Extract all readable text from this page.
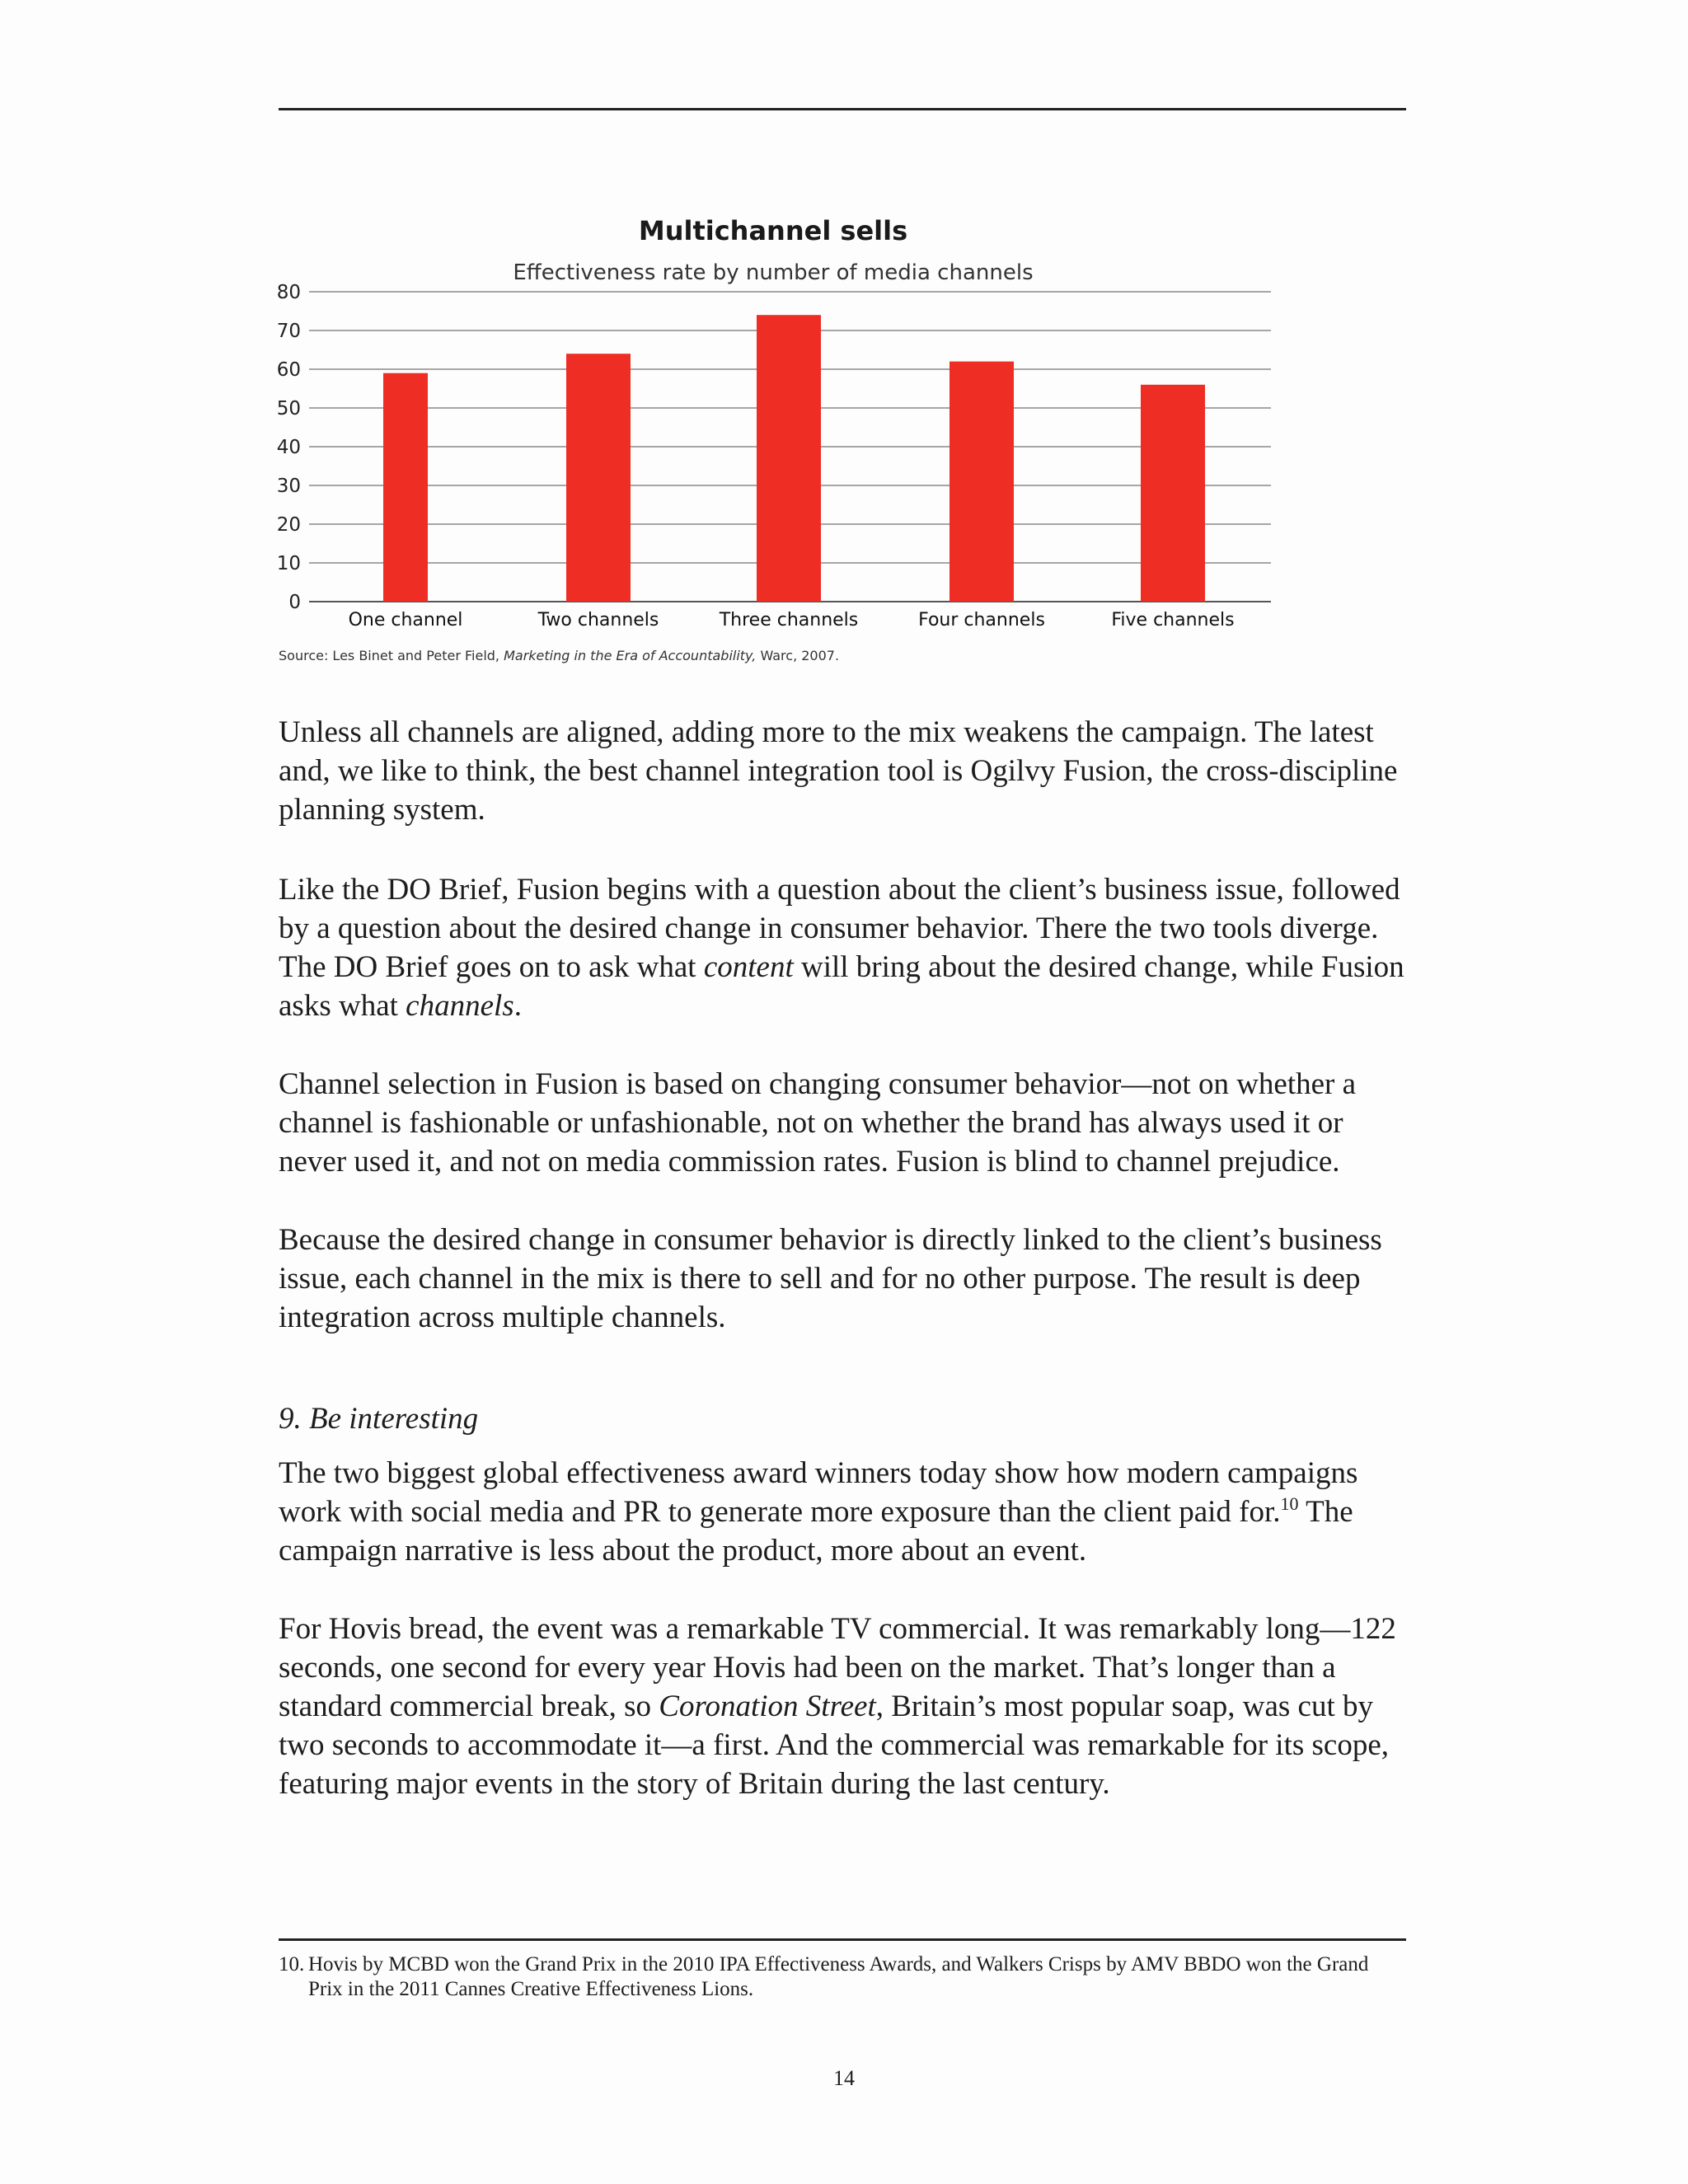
Multichannel sells
Effectiveness rate by number of media channels
0
10
20
30
40
50
60
70
80
One channel	Two channels	Three channels	Four channels	Five channels
Source: Les Binet and Peter Field, Marketing in the Era of Accountability, Warc, 2007.

Unless all channels are aligned, adding more to the mix weakens the campaign. The latest and, we like to think, the best channel integration tool is Ogilvy Fusion, the cross-discipline planning system.

Like the DO Brief, Fusion begins with a question about the client’s business issue, followed by a question about the desired change in consumer behavior. There the two tools diverge. The DO Brief goes on to ask what content will bring about the desired change, while Fusion asks what channels.

Channel selection in Fusion is based on changing consumer behavior—not on whether a channel is fashionable or unfashionable, not on whether the brand has always used it or never used it, and not on media commission rates. Fusion is blind to channel prejudice.

Because the desired change in consumer behavior is directly linked to the client’s business issue, each channel in the mix is there to sell and for no other purpose. The result is deep integration across multiple channels.

9. Be interesting

The two biggest global effectiveness award winners today show how modern campaigns work with social media and PR to generate more exposure than the client paid for.$^{10}$ The campaign narrative is less about the product, more about an event.

For Hovis bread, the event was a remarkable TV commercial. It was remarkably long—122 seconds, one second for every year Hovis had been on the market. That’s longer than a standard commercial break, so Coronation Street, Britain’s most popular soap, was cut by two seconds to accommodate it—a first. And the commercial was remarkable for its scope, featuring major events in the story of Britain during the last century.

10. Hovis by MCBD won the Grand Prix in the 2010 IPA Effectiveness Awards, and Walkers Crisps by AMV BBDO won the Grand Prix in the 2011 Cannes Creative Effectiveness Lions.

14
